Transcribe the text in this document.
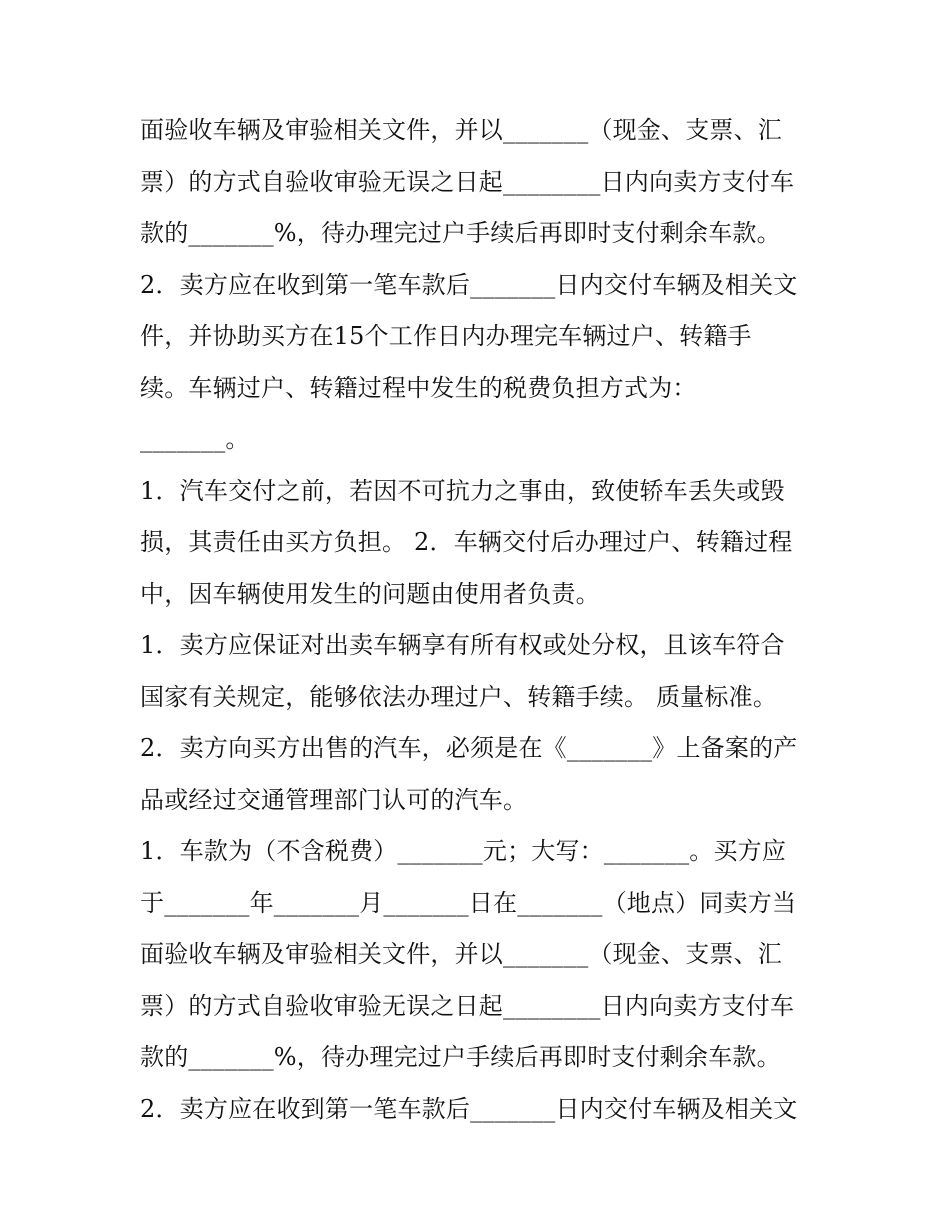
面验收车辆及审验相关文件，并以_______（现金、支票、汇
票）的方式自验收审验无误之日起________日内向卖方支付车
款的_______%，待办理完过户手续后再即时支付剩余车款。
2．卖方应在收到第一笔车款后_______日内交付车辆及相关文
件，并协助买方在15个工作日内办理完车辆过户、转籍手
续。车辆过户、转籍过程中发生的税费负担方式为：
_______。
1．汽车交付之前，若因不可抗力之事由，致使轿车丢失或毁
损，其责任由买方负担。 2．车辆交付后办理过户、转籍过程
中，因车辆使用发生的问题由使用者负责。
1．卖方应保证对出卖车辆享有所有权或处分权，且该车符合
国家有关规定，能够依法办理过户、转籍手续。 质量标准。
2．卖方向买方出售的汽车，必须是在《_______》上备案的产
品或经过交通管理部门认可的汽车。
1．车款为（不含税费）_______元；大写：_______。买方应
于_______年_______月_______日在_______（地点）同卖方当
面验收车辆及审验相关文件，并以_______（现金、支票、汇
票）的方式自验收审验无误之日起________日内向卖方支付车
款的_______%，待办理完过户手续后再即时支付剩余车款。
2．卖方应在收到第一笔车款后_______日内交付车辆及相关文
